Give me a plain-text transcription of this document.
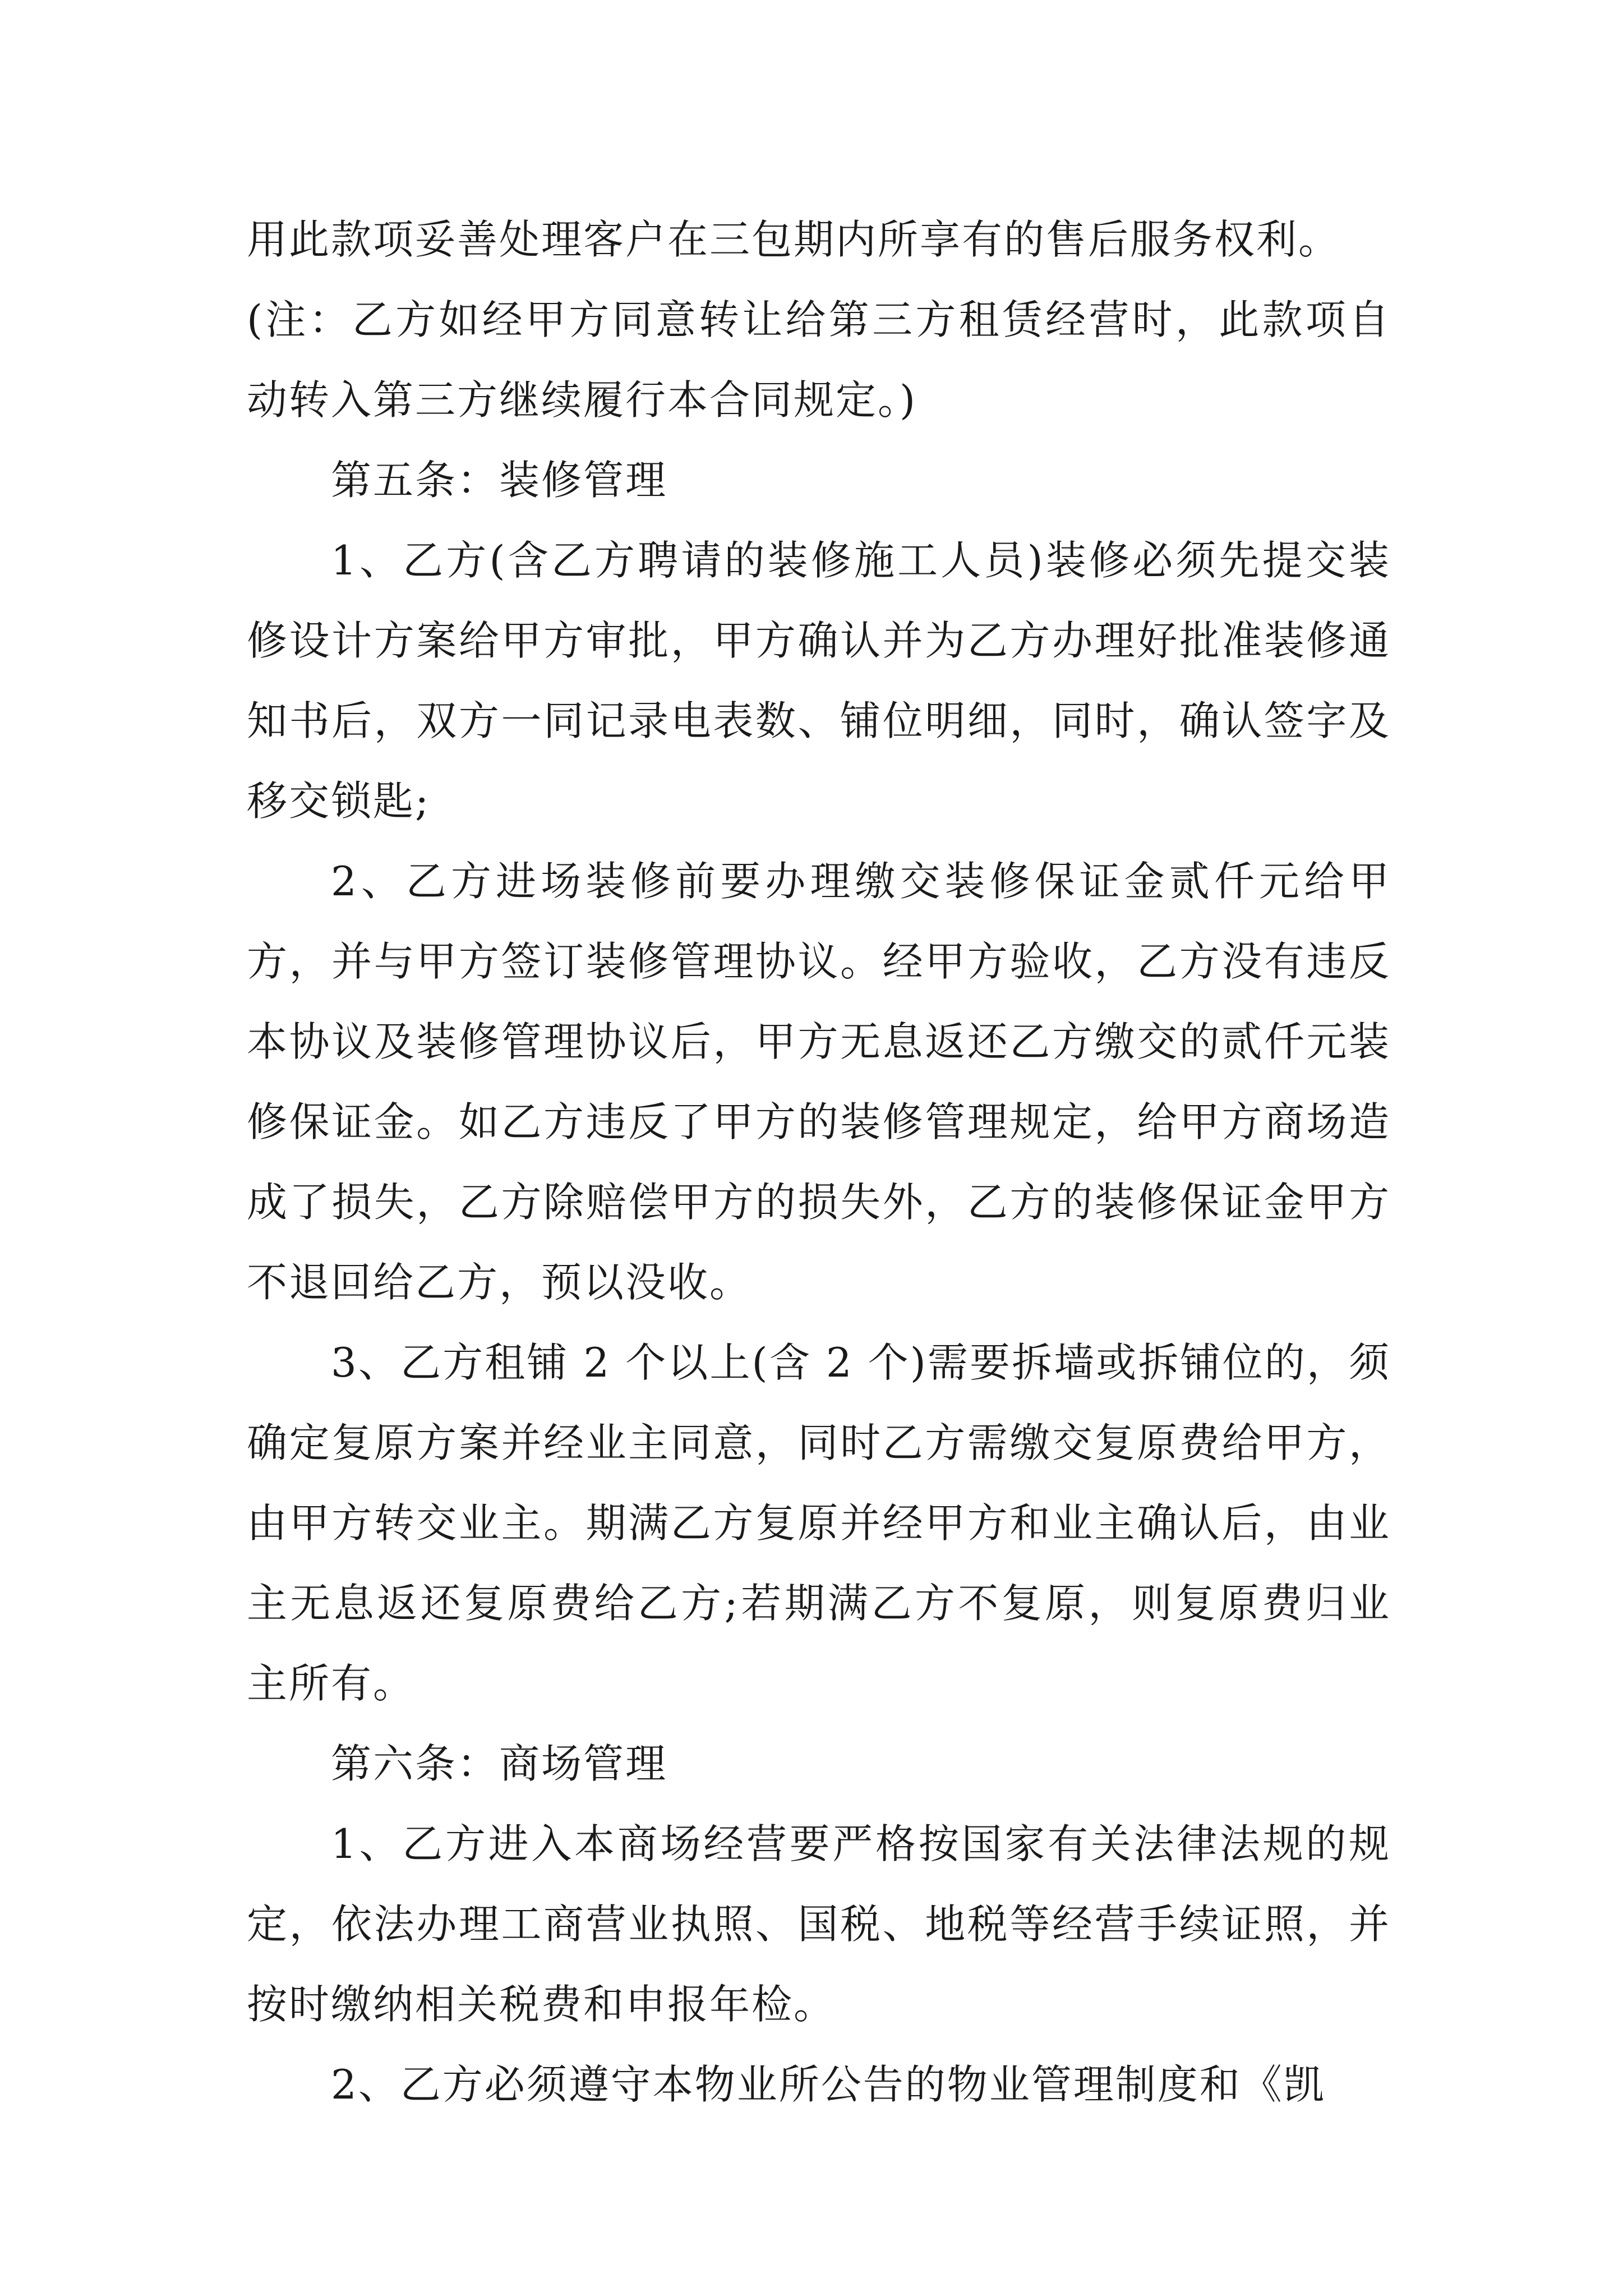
用此款项妥善处理客户在三包期内所享有的售后服务权利。

(注：乙方如经甲方同意转让给第三方租赁经营时，此款项自动转入第三方继续履行本合同规定。)

第五条：装修管理

1、乙方(含乙方聘请的装修施工人员)装修必须先提交装修设计方案给甲方审批，甲方确认并为乙方办理好批准装修通知书后，双方一同记录电表数、铺位明细，同时，确认签字及移交锁匙;

2、乙方进场装修前要办理缴交装修保证金贰仟元给甲方，并与甲方签订装修管理协议。经甲方验收，乙方没有违反本协议及装修管理协议后，甲方无息返还乙方缴交的贰仟元装修保证金。如乙方违反了甲方的装修管理规定，给甲方商场造成了损失，乙方除赔偿甲方的损失外，乙方的装修保证金甲方不退回给乙方，预以没收。

3、乙方租铺 2 个以上(含 2 个)需要拆墙或拆铺位的，须确定复原方案并经业主同意，同时乙方需缴交复原费给甲方，由甲方转交业主。期满乙方复原并经甲方和业主确认后，由业主无息返还复原费给乙方;若期满乙方不复原，则复原费归业主所有。

第六条：商场管理

1、乙方进入本商场经营要严格按国家有关法律法规的规定，依法办理工商营业执照、国税、地税等经营手续证照，并按时缴纳相关税费和申报年检。

2、乙方必须遵守本物业所公告的物业管理制度和《凯
